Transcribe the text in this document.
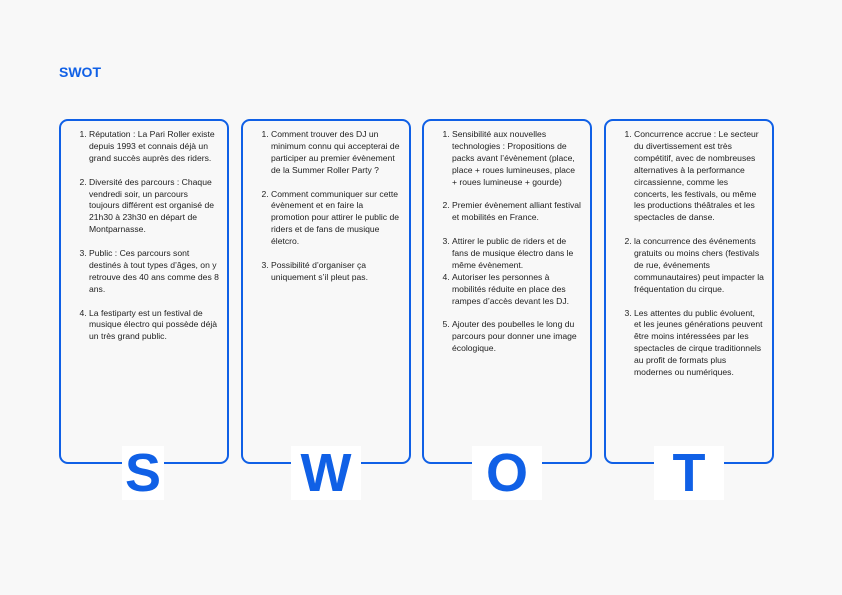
SWOT
1. Réputation : La Pari Roller existe depuis 1993 et connais déjà un grand succès auprès des riders.
2. Diversité des parcours : Chaque vendredi soir, un parcours toujours différent est organisé de 21h30 à 23h30 en départ de Montparnasse.
3. Public : Ces parcours sont destinés à tout types d’âges, on y retrouve des 40 ans comme des 8 ans.
4. La festiparty est un festival de musique électro qui possède déjà un très grand public.
1. Comment trouver des DJ un minimum connu qui accepterai de participer au premier évènement de la Summer Roller Party ?
2. Comment communiquer sur cette évènement et en faire la promotion pour attirer le public de riders et de fans de musique életcro.
3. Possibilité d’organiser ça uniquement s’il pleut pas.
1. Sensibilité aux nouvelles technologies : Propositions de packs avant l’évènement (place, place + roues lumineuses, place + roues lumineuse + gourde)
2. Premier évènement alliant festival et mobilités en France.
3. Attirer le public de riders et de fans de musique électro dans le même évènement.
4. Autoriser les personnes à mobilités réduite en place des rampes d’accès devant les DJ.
5. Ajouter des poubelles le long du parcours pour donner une image écologique.
1. Concurrence accrue : Le secteur du divertissement est très compétitif, avec de nombreuses alternatives à la performance circassienne, comme les concerts, les festivals, ou même les productions théâtrales et les spectacles de danse.
2. la concurrence des événements gratuits ou moins chers (festivals de rue, événements communautaires) peut impacter la fréquentation du cirque.
3. Les attentes du public évoluent, et les jeunes générations peuvent être moins intéressées par les spectacles de cirque traditionnels au profit de formats plus modernes ou numériques.
S	W O	T
